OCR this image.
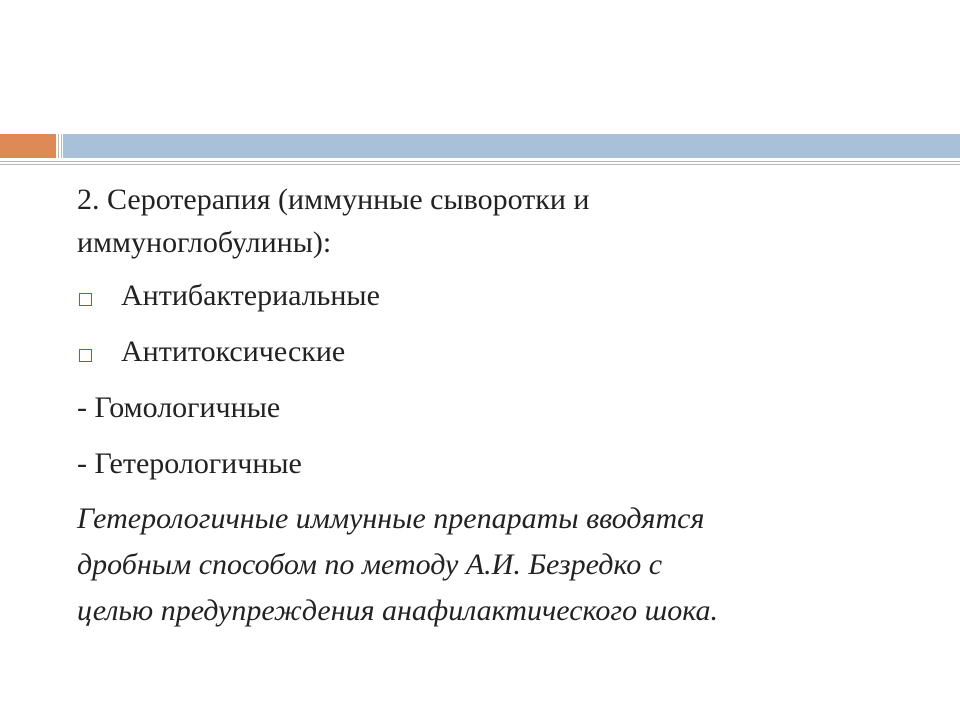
2. Серотерапия (иммунные сыворотки и
иммуноглобулины):
Антибактериальные
Антитоксические
- Гомологичные
- Гетерологичные
Гетерологичные иммунные препараты вводятся
дробным способом по методу А.И. Безредко с
целью предупреждения анафилактического шока.
